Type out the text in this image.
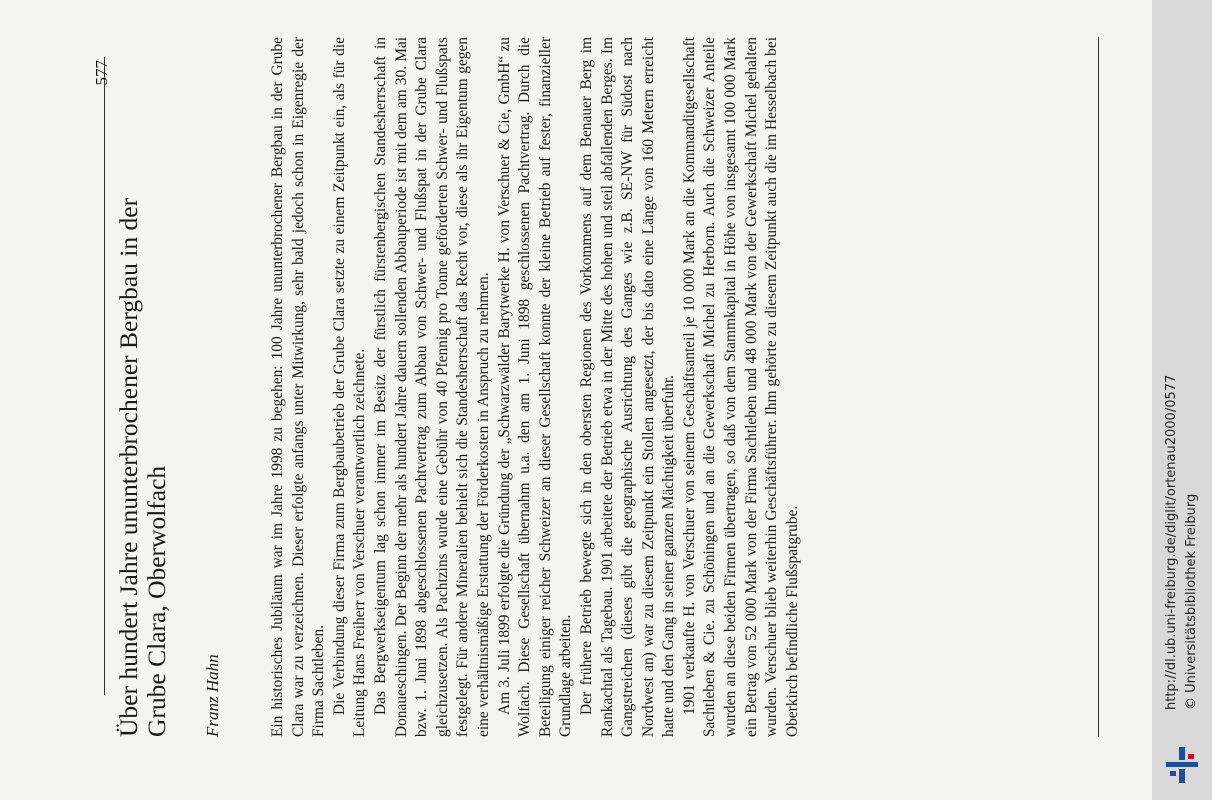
577
Über hundert Jahre ununterbrochener Bergbau in der Grube Clara, Oberwolfach Franz Hahn	Ein historisches Jubiläum war im Jahre 1998 zu begehen: 100 Jahre ununterbrochener Bergbau in der Grube Clara war zu verzeichnen. Dieser erfolgte anfangs unter Mitwirkung, sehr bald jedoch schon in Eigenregie der Firma Sachtleben. Die Verbindung dieser Firma zum Bergbaubetrieb der Grube Clara setzte zu einem Zeitpunkt ein, als für die Leitung Hans Freiherr von Verschuer verantwortlich zeichnete. Das Bergwerkseigentum lag schon immer im Besitz der fürstlich fürstenbergischen Standesherrschaft in Donaueschingen. Der Beginn der mehr als hundert Jahre dauern sollenden Abbauperiode ist mit dem am 30. Mai bzw. 1. Juni 1898 abgeschlossenen Pachtvertrag zum Abbau von Schwer- und Flußspat in der Grube Clara gleichzusetzen. Als Pachtzins wurde eine Gebühr von 40 Pfennig pro Tonne geförderten Schwer- und Flußspats festgelegt. Für andere Mineralien behielt sich die Standesherrschaft das Recht vor, diese als ihr Eigentum gegen eine verhältnismäßige Erstattung der Förderkosten in Anspruch zu nehmen. Am 3. Juli 1899 erfolgte die Gründung der „Schwarzwälder Barytwerke H. von Verschuer & Cie, GmbH“ zu Wolfach. Diese Gesellschaft übernahm u.a. den am 1. Juni 1898 geschlossenen Pachtvertrag. Durch die Beteiligung einiger reicher Schweizer an dieser Gesellschaft konnte der kleine Betrieb auf fester, finanzieller Grundlage arbeiten. Der frühere Betrieb bewegte sich in den obersten Regionen des Vorkommens auf dem Benauer Berg im Rankachtal als Tagebau. 1901 arbeitete der Betrieb etwa in der Mitte des hohen und steil abfallenden Berges. Im Gangstreichen (dieses gibt die geographische Ausrichtung des Ganges wie z.B. SE-NW für Südost nach Nordwest an) war zu diesem Zeitpunkt ein Stollen angesetzt, der bis dato eine Länge von 160 Metern erreicht hatte und den Gang in seiner ganzen Mächtigkeit überfuhr. 1901 verkaufte H. von Verschuer von seinem Geschäftsanteil je 10 000 Mark an die Kommanditgesellschaft Sachtleben & Cie. zu Schöningen und an die Gewerkschaft Michel zu Herborn. Auch die Schweizer Anteile wurden an diese beiden Firmen übertragen, so daß von dem Stammkapital in Höhe von insgesamt 100 000 Mark ein Betrag von 52 000 Mark von der Firma Sachtleben und 48 000 Mark von der Gewerkschaft Michel gehalten wurden. Verschuer blieb weiterhin Geschäftsführer. Ihm gehörte zu diesem Zeitpunkt auch die im Hesselbach bei Oberkirch befindliche Flußspatgrube.	http://dl.ub.uni-freiburg.de/diglit/ortenau2000/0577 © Universitätsbibliothek Freiburg
